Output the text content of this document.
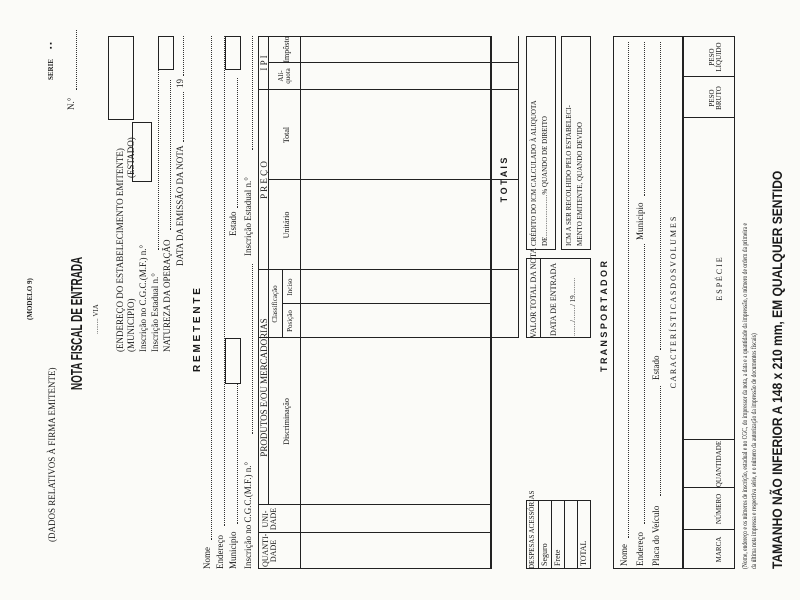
(MODELO 9)
(DADOS RELATIVOS À FIRMA EMITENTE)
SERIE
▪ ▪
N.°
NOTA FISCAL DE ENTRADA ......... VIA (ENDEREÇO DO ESTABELECIMENTO EMITENTE) (MUNICIPIO)
(ESTADO)
Inscrição no C.G.C.(M.F.) n.° Inscrição Estadual n.° NATUREZA DA OPERAÇÃO
DATA DA EMISSÃO DA NOTA
19
R E M E T E N T E
Nome Endereço Municipio
Estado
Inscrição no C.G.C.(M.F.) n.°
Inscrição Estadual n.°
QUANTI- DADE
UNI- DADE
PRODUTOS E/OU MERCADORIAS Discriminação
Classificação Posição
Inciso
P R E Ç O
Unitário
Total
I P I
Alí- quota
Impôsto
T O T A I S
DESPESAS ACESSÓRIAS Seguro Frete TOTAL
VALOR TOTAL DA NOTA DATA DE ENTRADA ......../......../ 19..........
CRÉDITO DO ICM CALCULADO À ALIQUOTA DE........................% QUANDO DE DIREITO ICM A SER RECOLHIDO PELO ESTABELECI- MENTO EMITENTE, QUANDO DEVIDO
T R A N S P O R T A D O R
Nome Endereço
Municipio
Placa do Veículo
Estado C A R A C T E R Í S T I C A S D O S V O L U M E S
MARCA
NÚMERO
QUANTIDADE
E S P É C I E
PESO BRUTO
PESO LÍQUIDO
(Nome, endereço e os números de inscrição, estadual e no CGC, do impressor da nota, a data e a quantidade da impressão, o número de ordem da primeira e da última nota impressa e respectiva série, e o número da autorização da impressão de documentos fiscais) TAMANHO NÃO INFERIOR A 148 x 210 mm, EM QUALQUER SENTIDO
